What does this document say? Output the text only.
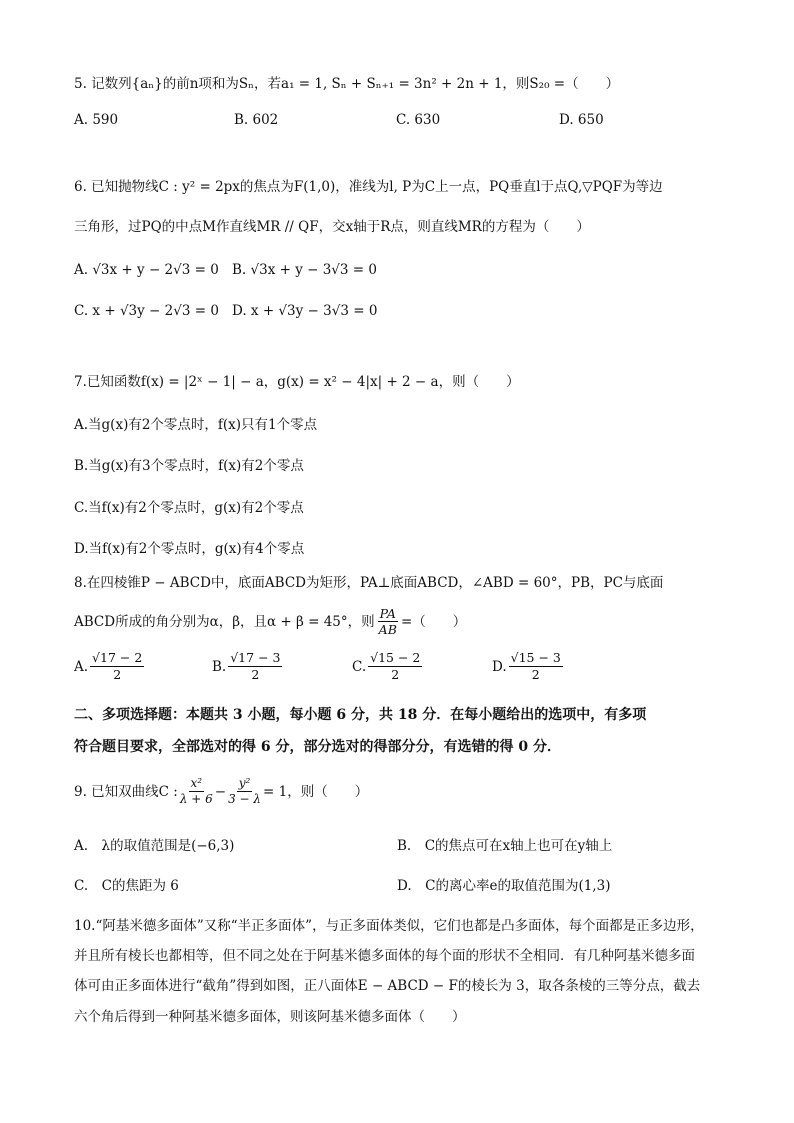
5. 记数列{aₙ}的前n项和为Sₙ，若a₁ = 1, Sₙ + Sₙ₊₁ = 3n² + 2n + 1，则S₂₀ =（　　）
A. 590	B. 602	C. 630	D. 650
6. 已知抛物线C : y² = 2px的焦点为F(1,0)，准线为l, P为C上一点，PQ垂直l于点Q,▽PQF为等边
三角形，过PQ的中点M作直线MR // QF，交x轴于R点，则直线MR的方程为（　　）
A. √3x + y − 2√3 = 0 B. √3x + y − 3√3 = 0
C. x + √3y − 2√3 = 0 D. x + √3y − 3√3 = 0
7.已知函数f(x) = |2ˣ − 1| − a，g(x) = x² − 4|x| + 2 − a，则（　　）
A.当g(x)有2个零点时，f(x)只有1个零点
B.当g(x)有3个零点时，f(x)有2个零点
C.当f(x)有2个零点时，g(x)有2个零点
D.当f(x)有2个零点时，g(x)有4个零点
8.在四棱锥P − ABCD中，底面ABCD为矩形，PA⊥底面ABCD，∠ABD = 60°，PB，PC与底面
ABCD所成的角分别为α，β，且α + β = 45°，则 $\frac{PA}{AB}$ =（　　）
A. $\frac{√17 - 2}{2}$	B. $\frac{√17 - 3}{2}$	C. $\frac{√15 - 2}{2}$	D. $\frac{√15 - 3}{2}$
二、多项选择题：本题共 3 小题，每小题 6 分，共 18 分．在每小题给出的选项中，有多项
符合题目要求，全部选对的得 6 分，部分选对的得部分分，有选错的得 0 分．
9. 已知双曲线C : $\frac{\text{x²}}{\lambda + 6} - \frac{\text{y²}}{3 - \lambda} = 1$，则（　　）
A.　λ的取值范围是(−6,3)	B.　C的焦点可在x轴上也可在y轴上
C.　C的焦距为 6	D.　C的离心率e的取值范围为(1,3)
10.“阿基米德多面体”又称“半正多面体”，与正多面体类似，它们也都是凸多面体，每个面都是正多边形，
并且所有棱长也都相等，但不同之处在于阿基米德多面体的每个面的形状不全相同．有几种阿基米德多面
体可由正多面体进行“截角”得到如图，正八面体E − ABCD − F的棱长为 3，取各条棱的三等分点，截去
六个角后得到一种阿基米德多面体，则该阿基米德多面体（　　）
